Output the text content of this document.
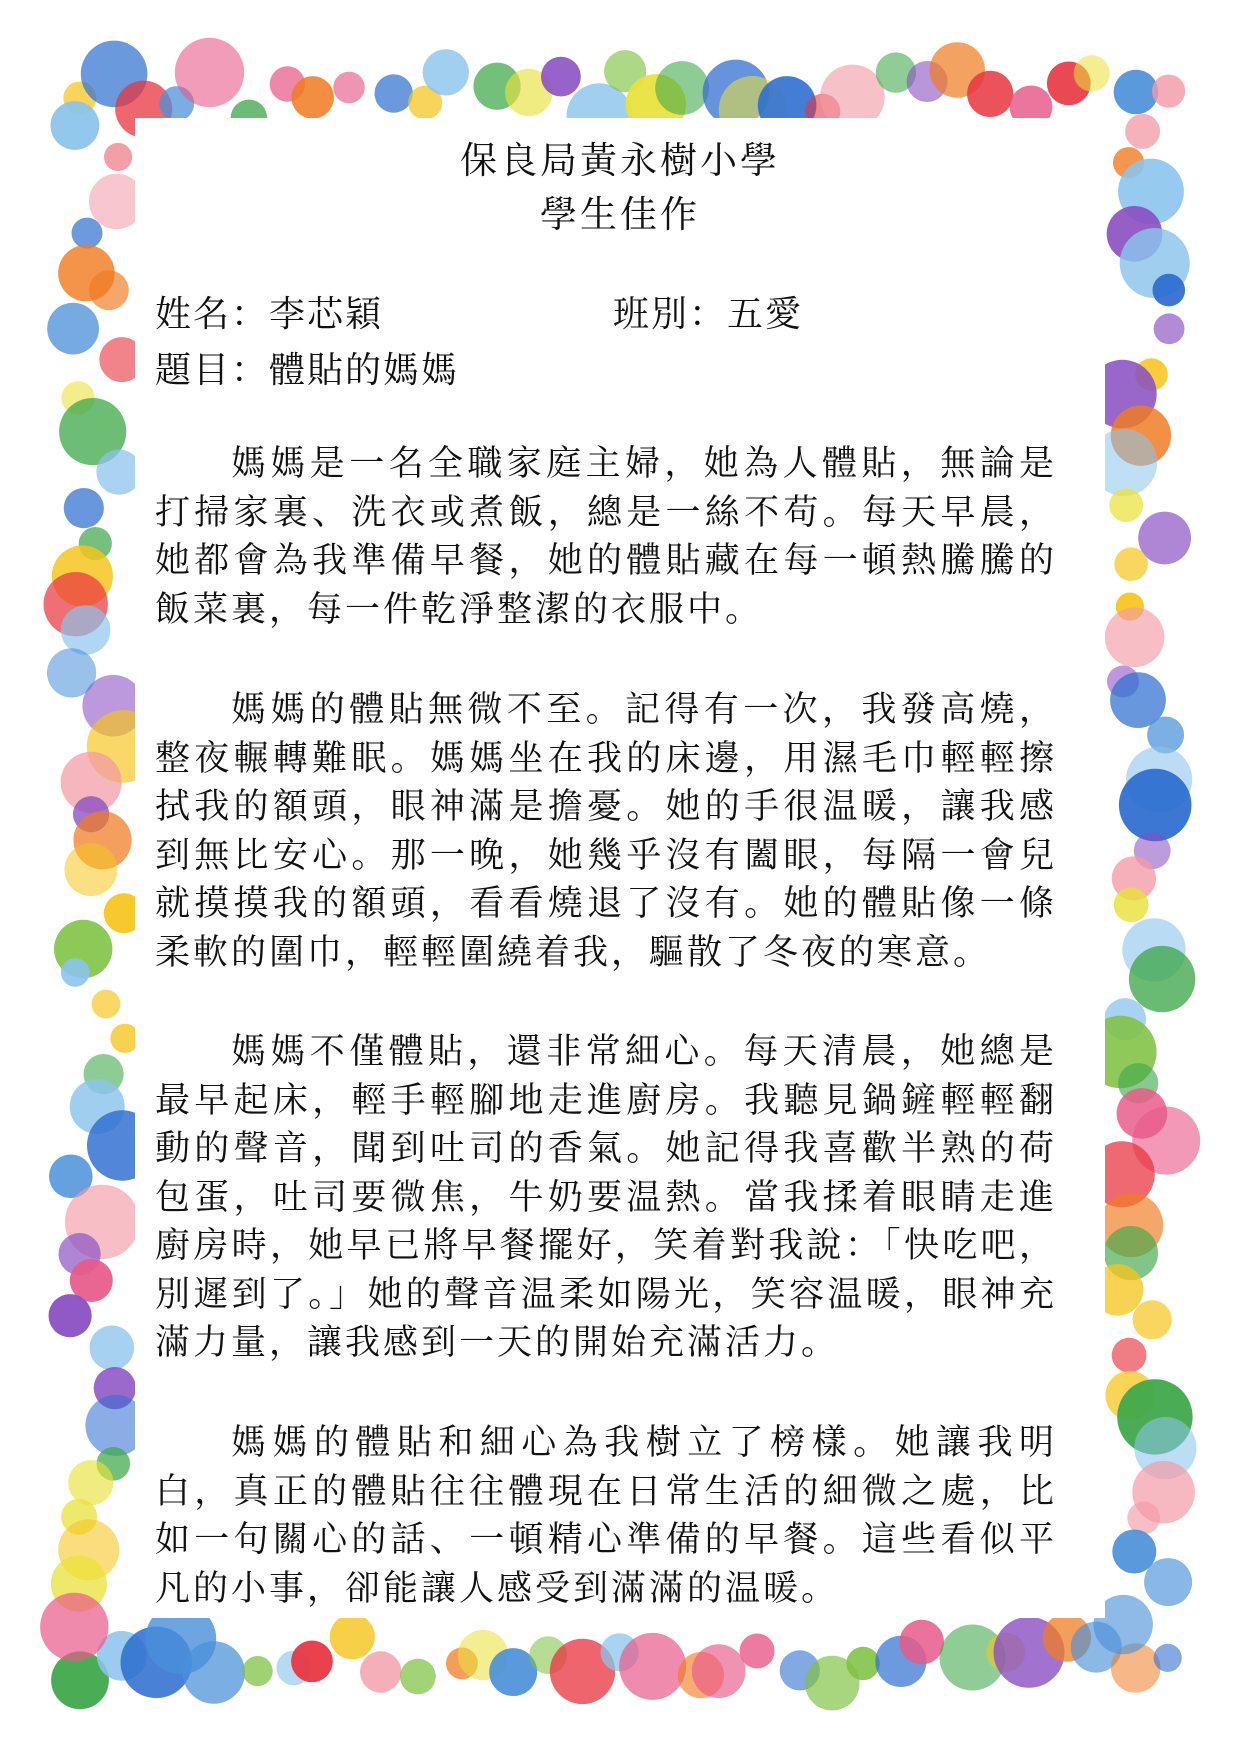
保良局黃永樹小學
學生佳作
姓名：李芯穎	班別：五愛
題目：體貼的媽媽
媽媽是一名全職家庭主婦，她為人體貼，無論是打掃家裏、洗衣或煮飯，總是一絲不苟。每天早晨，她都會為我準備早餐，她的體貼藏在每一頓熱騰騰的飯菜裏，每一件乾淨整潔的衣服中。
媽媽的體貼無微不至。記得有一次，我發高燒，整夜輾轉難眠。媽媽坐在我的床邊，用濕毛巾輕輕擦拭我的額頭，眼神滿是擔憂。她的手很温暖，讓我感到無比安心。那一晚，她幾乎沒有闔眼，每隔一會兒就摸摸我的額頭，看看燒退了沒有。她的體貼像一條柔軟的圍巾，輕輕圍繞着我，驅散了冬夜的寒意。
媽媽不僅體貼，還非常細心。每天清晨，她總是最早起床，輕手輕腳地走進廚房。我聽見鍋鏟輕輕翻動的聲音，聞到吐司的香氣。她記得我喜歡半熟的荷包蛋，吐司要微焦，牛奶要温熱。當我揉着眼睛走進廚房時，她早已將早餐擺好，笑着對我說：「快吃吧，別遲到了。」她的聲音温柔如陽光，笑容温暖，眼神充滿力量，讓我感到一天的開始充滿活力。
媽媽的體貼和細心為我樹立了榜樣。她讓我明白，真正的體貼往往體現在日常生活的細微之處，比如一句關心的話、一頓精心準備的早餐。這些看似平凡的小事，卻能讓人感受到滿滿的温暖。
